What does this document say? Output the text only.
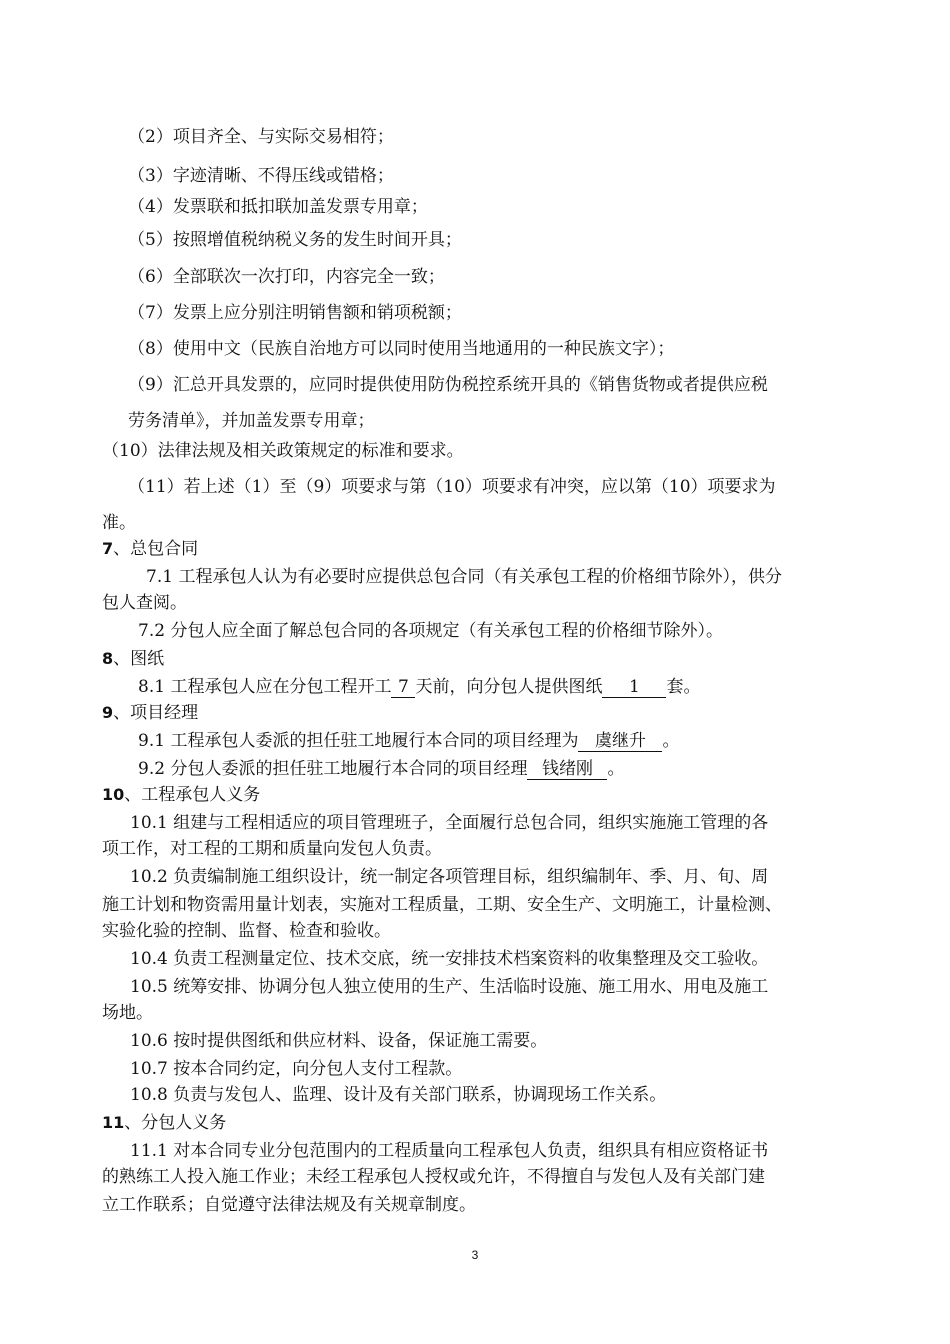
（2）项目齐全、与实际交易相符；
（3）字迹清晰、不得压线或错格；
（4）发票联和抵扣联加盖发票专用章；
（5）按照增值税纳税义务的发生时间开具；
（6）全部联次一次打印，内容完全一致；
（7）发票上应分别注明销售额和销项税额；
（8）使用中文（民族自治地方可以同时使用当地通用的一种民族文字）；
（9）汇总开具发票的，应同时提供使用防伪税控系统开具的《销售货物或者提供应税
劳务清单》，并加盖发票专用章；
（10）法律法规及相关政策规定的标准和要求。
（11）若上述（1）至（9）项要求与第（10）项要求有冲突，应以第（10）项要求为
准。
7、总包合同
7.1 工程承包人认为有必要时应提供总包合同（有关承包工程的价格细节除外），供分
包人查阅。
7.2 分包人应全面了解总包合同的各项规定（有关承包工程的价格细节除外）。
8、图纸
8.1 工程承包人应在分包工程开工 7 天前，向分包人提供图纸 1 套。
9、项目经理
9.1 工程承包人委派的担任驻工地履行本合同的项目经理为 虞继升 。
9.2 分包人委派的担任驻工地履行本合同的项目经理 钱绪刚 。
10、工程承包人义务
10.1 组建与工程相适应的项目管理班子，全面履行总包合同，组织实施施工管理的各
项工作，对工程的工期和质量向发包人负责。
10.2 负责编制施工组织设计，统一制定各项管理目标，组织编制年、季、月、旬、周
施工计划和物资需用量计划表，实施对工程质量，工期、安全生产、文明施工，计量检测、
实验化验的控制、监督、检查和验收。
10.4 负责工程测量定位、技术交底，统一安排技术档案资料的收集整理及交工验收。
10.5 统筹安排、协调分包人独立使用的生产、生活临时设施、施工用水、用电及施工
场地。
10.6 按时提供图纸和供应材料、设备，保证施工需要。
10.7 按本合同约定，向分包人支付工程款。
10.8 负责与发包人、监理、设计及有关部门联系，协调现场工作关系。
11、分包人义务
11.1 对本合同专业分包范围内的工程质量向工程承包人负责，组织具有相应资格证书
的熟练工人投入施工作业；未经工程承包人授权或允许，不得擅自与发包人及有关部门建
立工作联系；自觉遵守法律法规及有关规章制度。
3
